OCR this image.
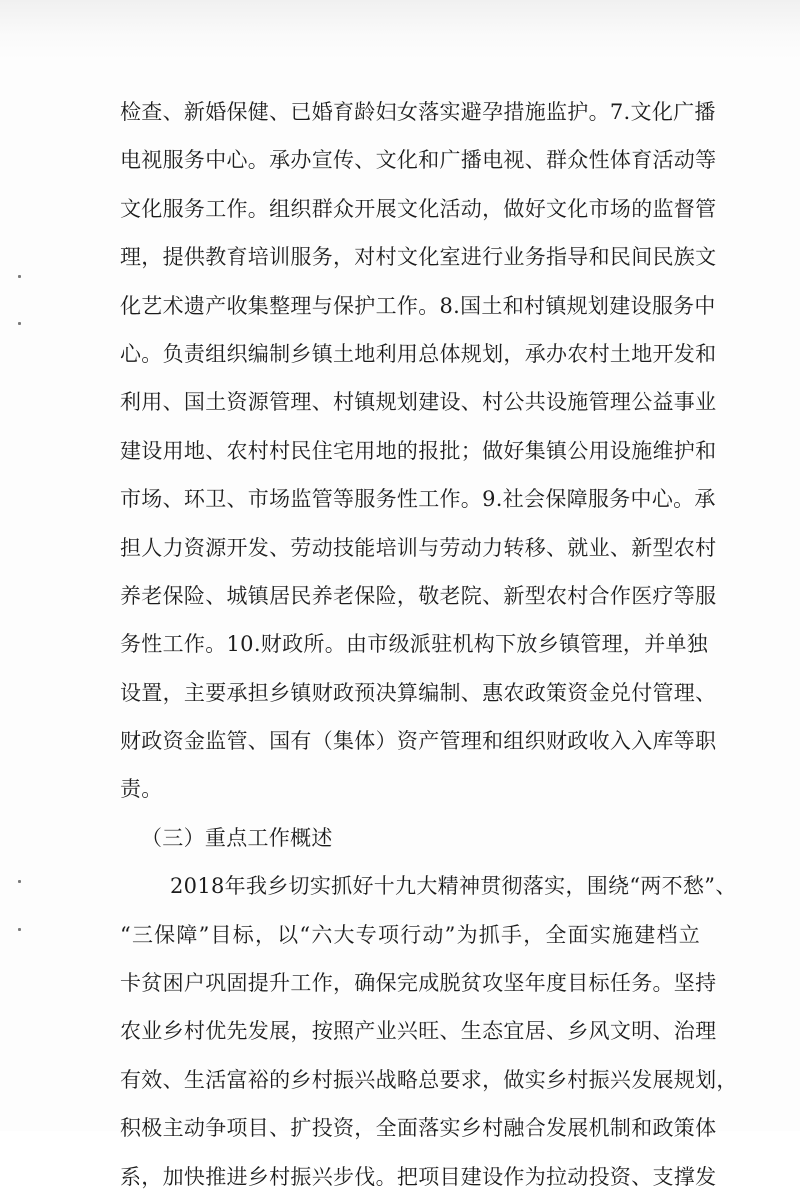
检查、新婚保健、已婚育龄妇女落实避孕措施监护。7.文化广播
电视服务中心。承办宣传、文化和广播电视、群众性体育活动等
文化服务工作。组织群众开展文化活动，做好文化市场的监督管
理，提供教育培训服务，对村文化室进行业务指导和民间民族文
化艺术遗产收集整理与保护工作。8.国土和村镇规划建设服务中
心。负责组织编制乡镇土地利用总体规划，承办农村土地开发和
利用、国土资源管理、村镇规划建设、村公共设施管理公益事业
建设用地、农村村民住宅用地的报批；做好集镇公用设施维护和
市场、环卫、市场监管等服务性工作。9.社会保障服务中心。承
担人力资源开发、劳动技能培训与劳动力转移、就业、新型农村
养老保险、城镇居民养老保险，敬老院、新型农村合作医疗等服
务性工作。10.财政所。由市级派驻机构下放乡镇管理，并单独
设置，主要承担乡镇财政预决算编制、惠农政策资金兑付管理、
财政资金监管、国有（集体）资产管理和组织财政收入入库等职
责。
（三）重点工作概述
2018年我乡切实抓好十九大精神贯彻落实，围绕“两不愁”、
“三保障”目标，以“六大专项行动”为抓手，全面实施建档立
卡贫困户巩固提升工作，确保完成脱贫攻坚年度目标任务。坚持
农业乡村优先发展，按照产业兴旺、生态宜居、乡风文明、治理
有效、生活富裕的乡村振兴战略总要求，做实乡村振兴发展规划，
积极主动争项目、扩投资，全面落实乡村融合发展机制和政策体
系，加快推进乡村振兴步伐。把项目建设作为拉动投资、支撑发
